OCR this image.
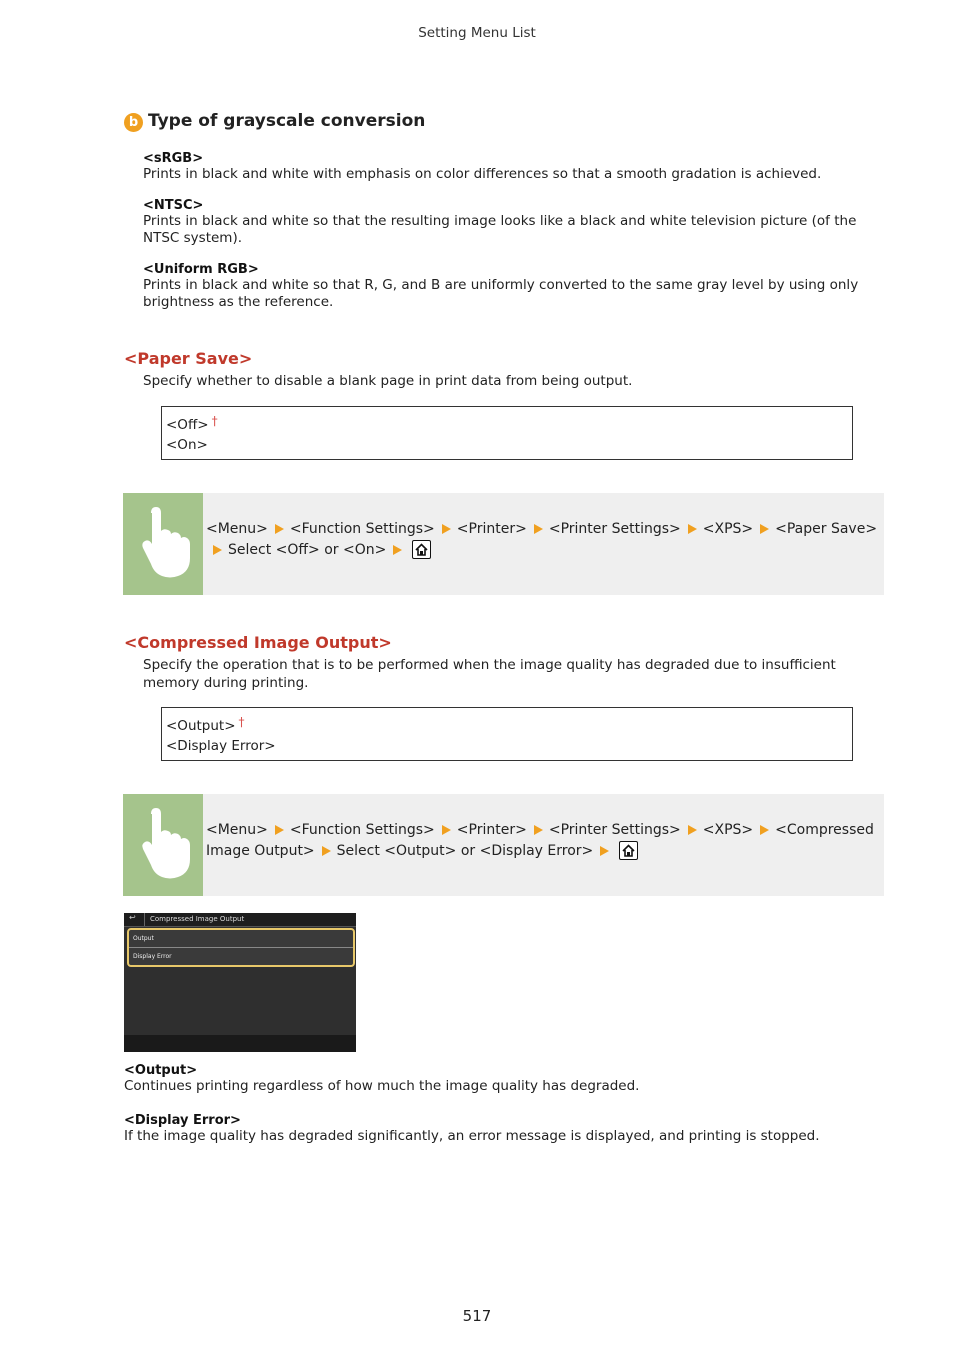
Setting Menu List
b Type of grayscale conversion
<sRGB>
Prints in black and white with emphasis on color differences so that a smooth gradation is achieved.
<NTSC>
Prints in black and white so that the resulting image looks like a black and white television picture (of the NTSC system).
<Uniform RGB>
Prints in black and white so that R, G, and B are uniformly converted to the same gray level by using only brightness as the reference.
<Paper Save>
Specify whether to disable a blank page in print data from being output.
<Off> †
<On>
<Menu> <Function Settings> <Printer> <Printer Settings> <XPS> <Paper Save>Select <Off> or <On>
<Compressed Image Output>
Specify the operation that is to be performed when the image quality has degraded due to insufficient memory during printing.
<Output> †
<Display Error>
<Menu> <Function Settings> <Printer> <Printer Settings> <XPS> <Compressed Image Output> Select <Output> or <Display Error>
↩ Compressed Image Output
Output
Display Error
<Output>
Continues printing regardless of how much the image quality has degraded.
<Display Error>
If the image quality has degraded significantly, an error message is displayed, and printing is stopped.
517
